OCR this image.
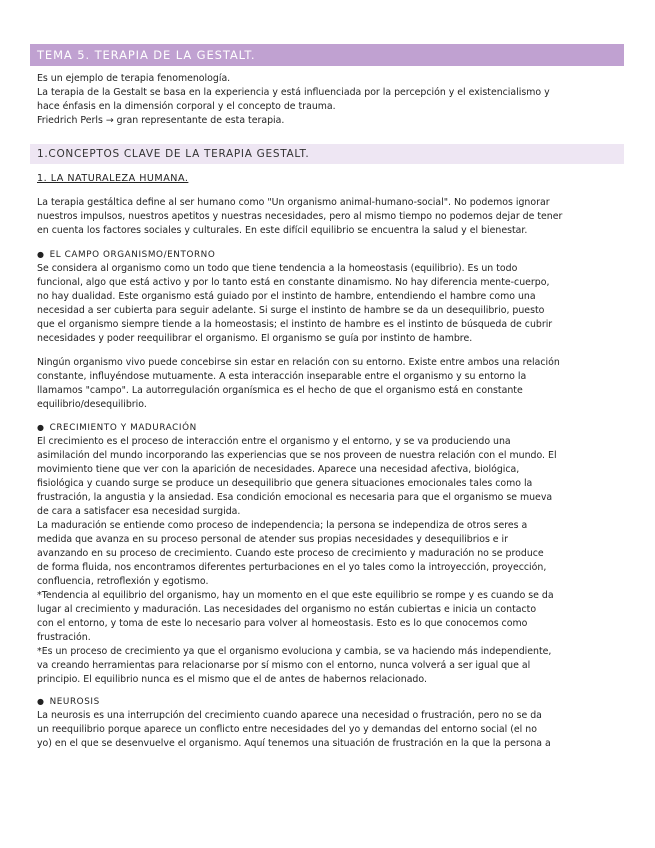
TEMA 5. TERAPIA DE LA GESTALT.

Es un ejemplo de terapia fenomenología.

La terapia de la Gestalt se basa en la experiencia y está influenciada por la percepción y el existencialismo y

hace énfasis en la dimensión corporal y el concepto de trauma.

Friedrich Perls → gran representante de esta terapia.

1.CONCEPTOS CLAVE DE LA TERAPIA GESTALT.
1. LA NATURALEZA HUMANA.

La terapia gestáltica define al ser humano como "Un organismo animal-humano-social". No podemos ignorar

nuestros impulsos, nuestros apetitos y nuestras necesidades, pero al mismo tiempo no podemos dejar de tener

en cuenta los factores sociales y culturales. En este difícil equilibrio se encuentra la salud y el bienestar.

● EL CAMPO ORGANISMO/ENTORNO

Se considera al organismo como un todo que tiene tendencia a la homeostasis (equilibrio). Es un todo

funcional, algo que está activo y por lo tanto está en constante dinamismo. No hay diferencia mente-cuerpo,

no hay dualidad. Este organismo está guiado por el instinto de hambre, entendiendo el hambre como una

necesidad a ser cubierta para seguir adelante. Si surge el instinto de hambre se da un desequilibrio, puesto

que el organismo siempre tiende a la homeostasis; el instinto de hambre es el instinto de búsqueda de cubrir

necesidades y poder reequilibrar el organismo. El organismo se guía por instinto de hambre.

Ningún organismo vivo puede concebirse sin estar en relación con su entorno. Existe entre ambos una relación

constante, influyéndose mutuamente. A esta interacción inseparable entre el organismo y su entorno la

llamamos "campo". La autorregulación organísmica es el hecho de que el organismo está en constante

equilibrio/desequilibrio.

● CRECIMIENTO Y MADURACIÓN

El crecimiento es el proceso de interacción entre el organismo y el entorno, y se va produciendo una

asimilación del mundo incorporando las experiencias que se nos proveen de nuestra relación con el mundo. El

movimiento tiene que ver con la aparición de necesidades. Aparece una necesidad afectiva, biológica,

fisiológica y cuando surge se produce un desequilibrio que genera situaciones emocionales tales como la

frustración, la angustia y la ansiedad. Esa condición emocional es necesaria para que el organismo se mueva

de cara a satisfacer esa necesidad surgida.

La maduración se entiende como proceso de independencia; la persona se independiza de otros seres a

medida que avanza en su proceso personal de atender sus propias necesidades y desequilibrios e ir

avanzando en su proceso de crecimiento. Cuando este proceso de crecimiento y maduración no se produce

de forma fluida, nos encontramos diferentes perturbaciones en el yo tales como la introyección, proyección,

confluencia, retroflexión y egotismo.

*Tendencia al equilibrio del organismo, hay un momento en el que este equilibrio se rompe y es cuando se da

lugar al crecimiento y maduración. Las necesidades del organismo no están cubiertas e inicia un contacto

con el entorno, y toma de este lo necesario para volver al homeostasis. Esto es lo que conocemos como

frustración.

*Es un proceso de crecimiento ya que el organismo evoluciona y cambia, se va haciendo más independiente,

va creando herramientas para relacionarse por sí mismo con el entorno, nunca volverá a ser igual que al

principio. El equilibrio nunca es el mismo que el de antes de habernos relacionado.

● NEUROSIS

La neurosis es una interrupción del crecimiento cuando aparece una necesidad o frustración, pero no se da

un reequilibrio porque aparece un conflicto entre necesidades del yo y demandas del entorno social (el no

yo) en el que se desenvuelve el organismo. Aquí tenemos una situación de frustración en la que la persona a
